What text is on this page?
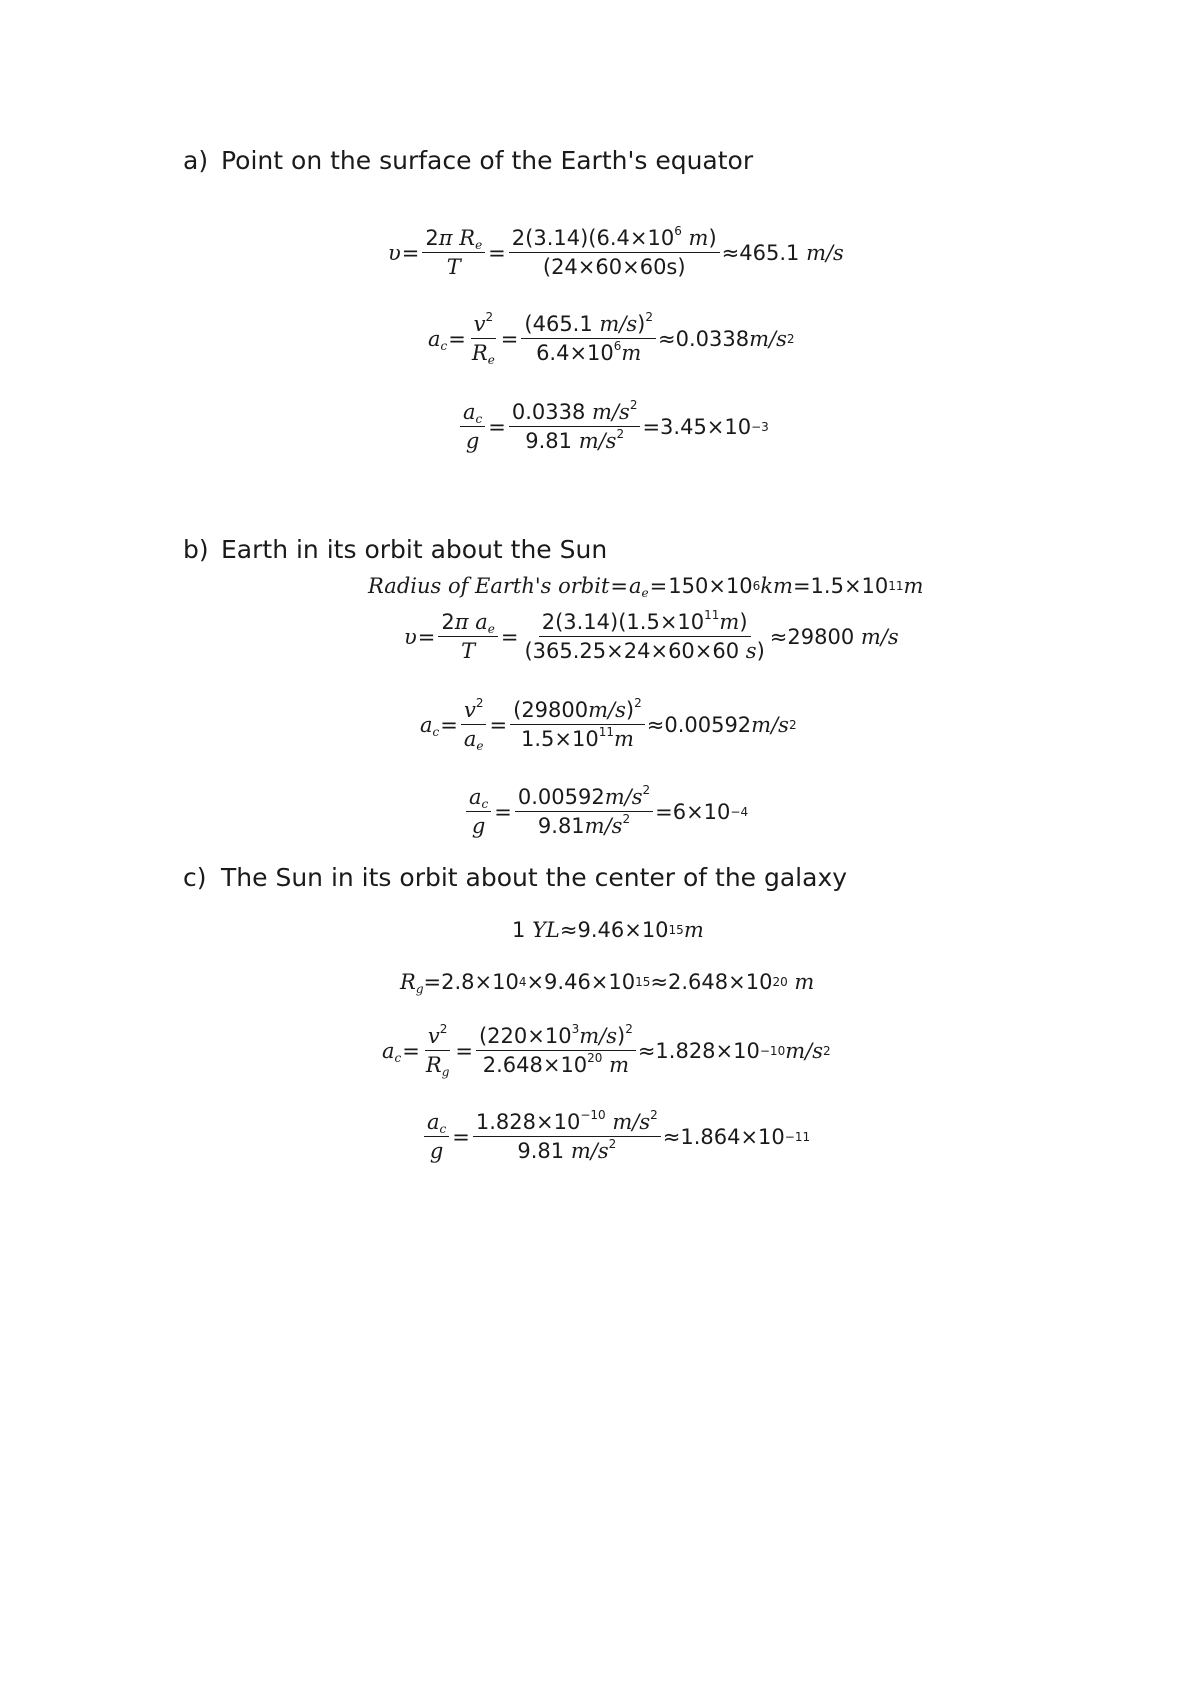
a) Point on the surface of the Earth's equator
$\upsilon = \frac{2\pi R_e}{T} = \frac{2(3.14)(6.4\times 10^6 m)}{(24\times 60\times 60s)} \approx 465.1$
m/s
$a_c = \frac{v^2}{R_e} = \frac{(465.1 m/s)^2}{6.4\times 10^6m} \approx 0.0338$ m/s 2
$\frac{a_c}{g} = \frac{0.0338 m/s^2}{9.81 m/s^2} =3.45\times 10 -3$
b) Earth in its orbit about the Sun
Radius of Earth's orbit = $a_e = 150\times 10$ 6 km =1.5×10 11 m
$\upsilon = \frac{2\pi a_e}{T} = \frac{2(3.14)(1.5\times 10^{11}m)}{(365.25\times 24\times 60\times 60 s)} \approx 29800$
m/s
$a_c = \frac{v^2}{a_e} = \frac{(29800m/s)^2}{1.5\times 10^{11}m} \approx 0.00592$ m/s 2
$\frac{a_c}{g} = \frac{0.00592m/s^2}{9.81m/s^2} =6\times 10 -4$
c) The Sun in its orbit about the center of the galaxy
1
YL ≈9.46×10 15 m
$R_g =2.8\times 10$ 4 ×9.46×10 15 ≈2.648×10 20
m
$a_c = \frac{v^2}{R_g} = \frac{(220\times 10^3m/s)^2}{2.648\times 10^{20} m} \approx 1.828\times 10 -10$ m/s 2
$\frac{a_c}{g} = \frac{1.828\times 10^{-10} m/s^2}{9.81 m/s^2} \approx 1.864\times 10 -11$
